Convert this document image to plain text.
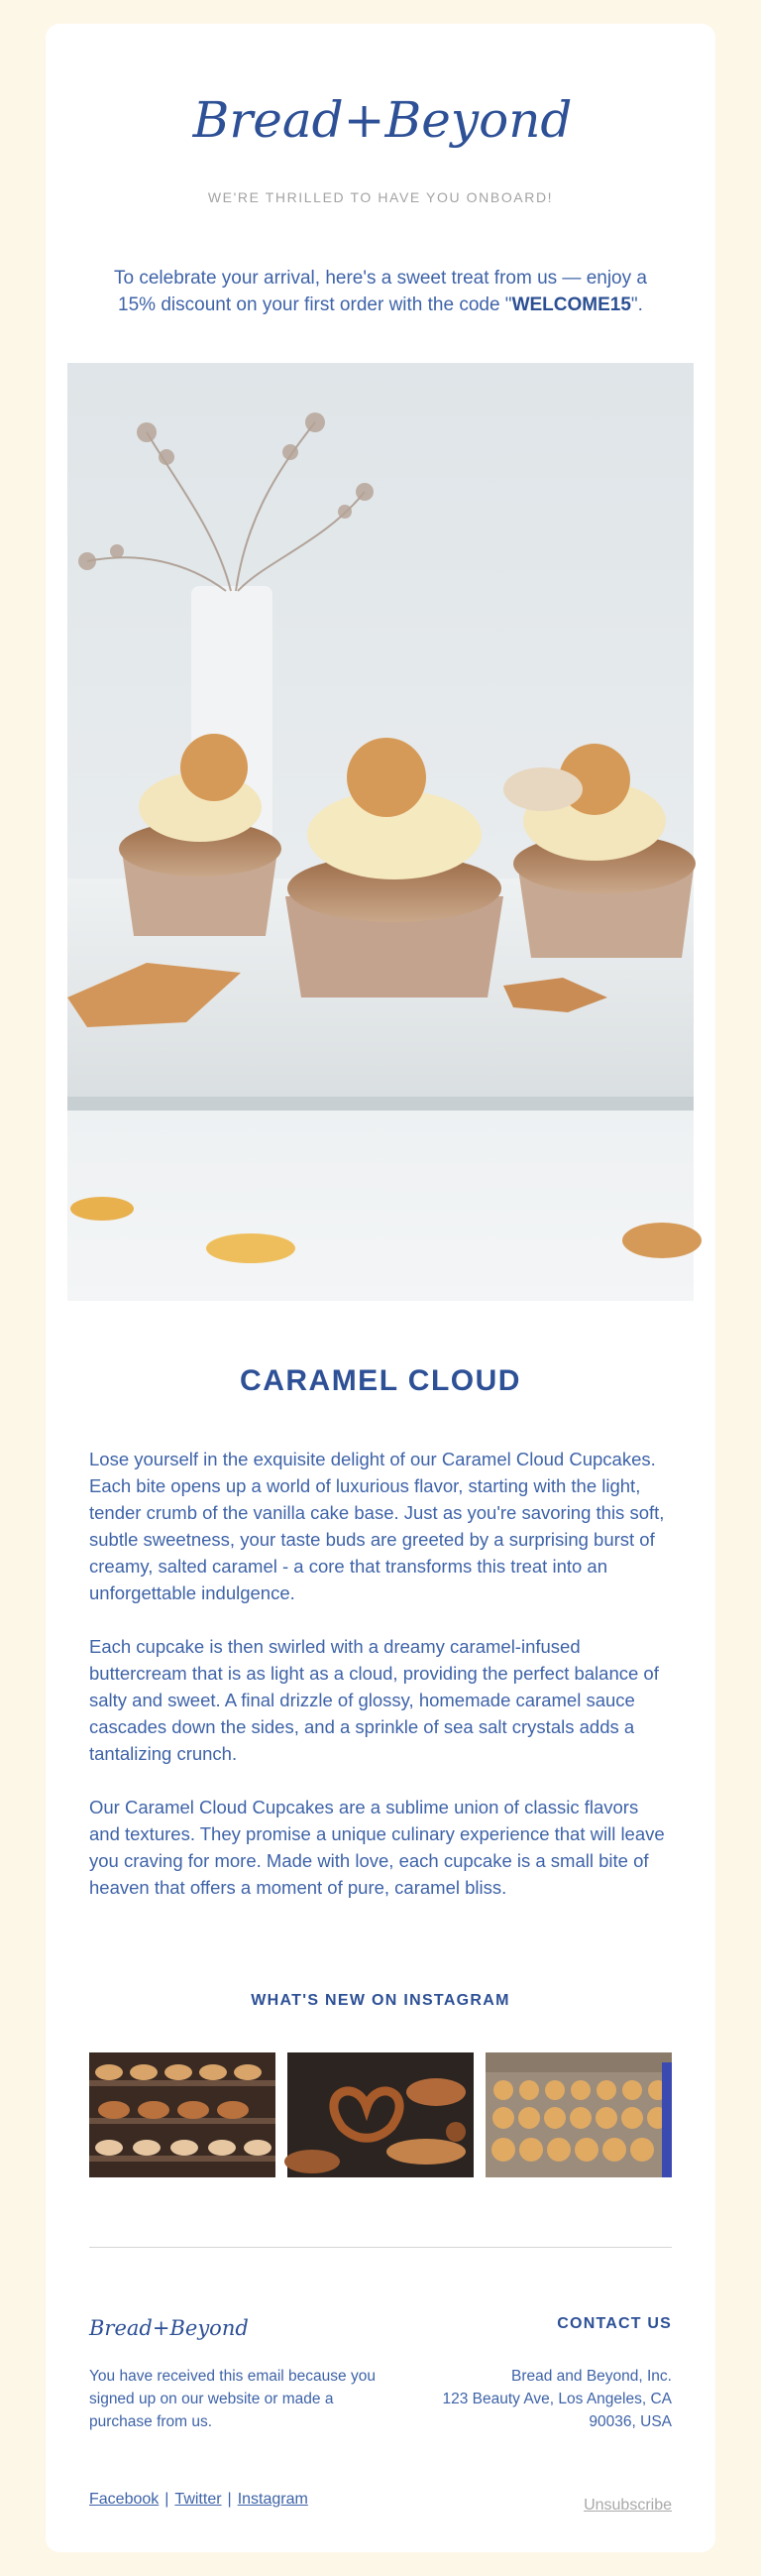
Bread+Beyond
WE'RE THRILLED TO HAVE YOU ONBOARD!
To celebrate your arrival, here's a sweet treat from us — enjoy a 15% discount on your first order with the code "WELCOME15".
CARAMEL CLOUD

Lose yourself in the exquisite delight of our Caramel Cloud Cupcakes. Each bite opens up a world of luxurious flavor, starting with the light, tender crumb of the vanilla cake base. Just as you're savoring this soft, subtle sweetness, your taste buds are greeted by a surprising burst of creamy, salted caramel - a core that transforms this treat into an unforgettable indulgence.

Each cupcake is then swirled with a dreamy caramel-infused buttercream that is as light as a cloud, providing the perfect balance of salty and sweet. A final drizzle of glossy, homemade caramel sauce cascades down the sides, and a sprinkle of sea salt crystals adds a tantalizing crunch.

Our Caramel Cloud Cupcakes are a sublime union of classic flavors and textures. They promise a unique culinary experience that will leave you craving for more. Made with love, each cupcake is a small bite of heaven that offers a moment of pure, caramel bliss.

WHAT'S NEW ON INSTAGRAM
Bread+Beyond	CONTACT US
You have received this email because you signed up on our website or made a purchase from us.
Bread and Beyond, Inc.
123 Beauty Ave, Los Angeles, CA
90036, USA
Facebook | Twitter | Instagram	Unsubscribe
